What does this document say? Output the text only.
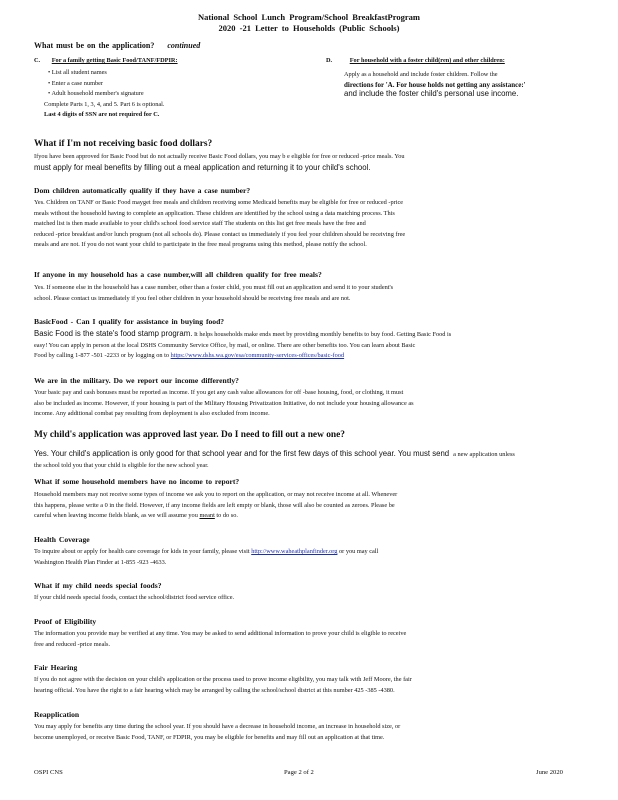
National School Lunch Program/School BreakfastProgram
2020 -21 Letter to Households (Public Schools)
What must be on the application? continued
C. For a family getting Basic Food/TANF/FDPIR:
• List all student names
• Enter a case number
• Adult household member's signature
Complete Parts 1, 3, 4, and 5. Part 6 is optional.
Last 4 digits of SSN are not required for C.
D.	For household with a foster child(ren) and other children:
Apply as a household and include foster children. Follow the
directions for 'A. For house holds not getting any assistance:'
and include the foster child's personal use income.
What if I'm not receiving basic food dollars?
Ifyou have been approved for Basic Food but do not actually receive Basic Food dollars, you may b e eligible for free or reduced -price meals. You
must apply for meal benefits by filling out a meal application and returning it to your child's school.
Dom children automatically qualify if they have a case number?
Yes. Children on TANF or Basic Food mayget free meals and children receiving some Medicaid benefits may be eligible for free or reduced -price
meals without the household having to complete an application. These children are identified by the school using a data matching process. This
matched list is then made available to your child's school food service staff The students on this list get free meals have the free and
reduced -price breakfast and/or lunch program (not all schools do). Please contact us immediately if you feel your children should be receiving free
meals and are not. If you do not want your child to participate in the free meal programs using this method, please notify the school.
If anyone in my household has a case number,will all children qualify for free meals?
Yes. If someone else in the household has a case number, other than a foster child, you must fill out an application and send it to your student's
school. Please contact us immediately if you feel other children in your household should be receiving free meals and are not.
BasicFood - Can I qualify for assistance in buying food?
Basic Food is the state's food stamp program. It helps households make ends meet by providing monthly benefits to buy food. Getting Basic Food is
easy! You can apply in person at the local DSHS Community Service Office, by mail, or online. There are other benefits too. You can learn about Basic
Food by calling 1-877 -501 -2233 or by logging on to https://www.dshs.wa.gov/esa/community-services-offices/basic-food
We are in the military. Do we report our income differently?
Your basic pay and cash bonuses must be reported as income. If you get any cash value allowances for off -base housing, food, or clothing, it must
also be included as income. However, if your housing is part of the Military Housing Privatization Initiative, do not include your housing allowance as
income. Any additional combat pay resulting from deployment is also excluded from income.
My child's application was approved last year. Do I need to fill out a new one?
Yes. Your child's application is only good for that school year and for the first few days of this school year. You must send a new application unless
the school told you that your child is eligible for the new school year.
What if some household members have no income to report?
Household members may not receive some types of income we ask you to report on the application, or may not receive income at all. Whenever
this happens, please write a 0 in the field. However, if any income fields are left empty or blank, those will also be counted as zeroes. Please be
careful when leaving income fields blank, as we will assume you meant to do so.
Health Coverage
To inquire about or apply for health care coverage for kids in your family, please visit http://www.waheathplanfinder.org or you may call
Washington Health Plan Finder at 1-855 -923 -4633.
What if my child needs special foods?
If your child needs special foods, contact the school/district food service office.
Proof of Eligibility
The information you provide may be verified at any time. You may be asked to send additional information to prove your child is eligible to receive
free and reduced -price meals.
Fair Hearing
If you do not agree with the decision on your child's application or the process used to prove income eligibility, you may talk with Jeff Moore, the fair
hearing official. You have the right to a fair hearing which may be arranged by calling the school/school district at this number 425 -385 -4380.
Reapplication
You may apply for benefits any time during the school year. If you should have a decrease in household income, an increase in household size, or
become unemployed, or receive Basic Food, TANF, or FDPIR, you may be eligible for benefits and may fill out an application at that time.
OSPI CNS	Page 2 of 2	June 2020
